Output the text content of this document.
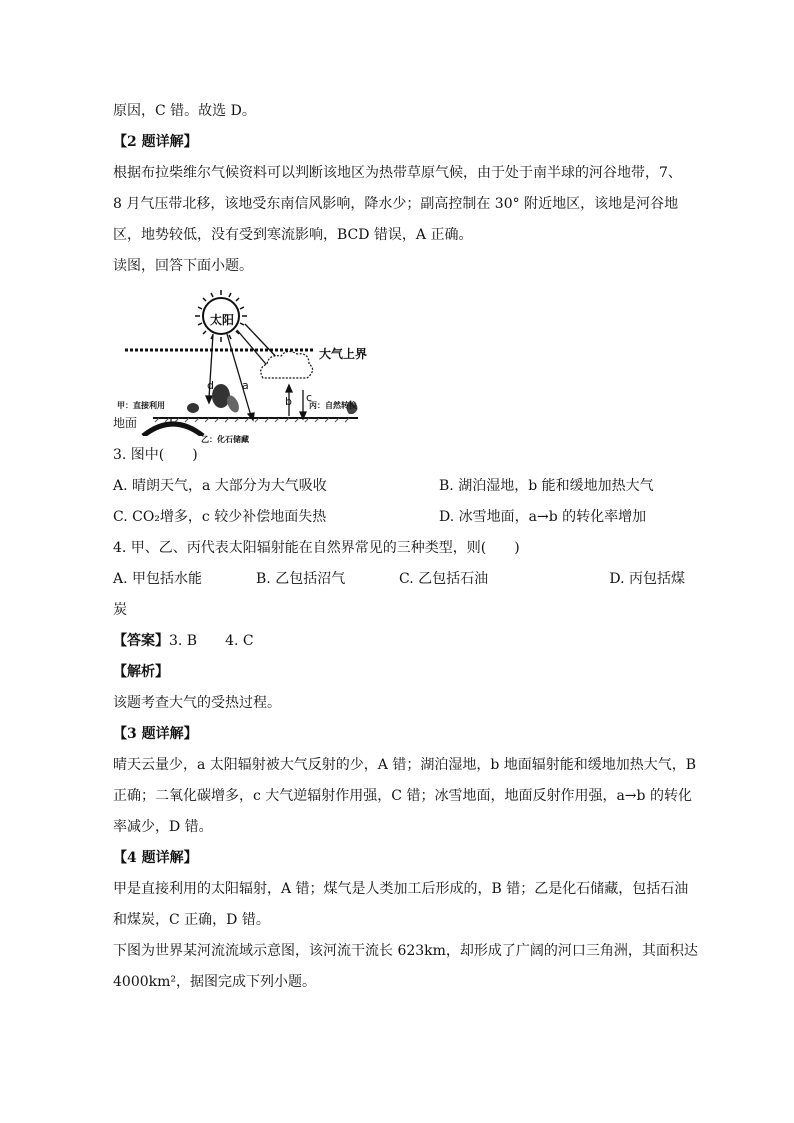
原因，C 错。故选 D。
【2 题详解】
根据布拉柴维尔气候资料可以判断该地区为热带草原气候，由于处于南半球的河谷地带，7、
8 月气压带北移，该地受东南信风影响，降水少；副高控制在 30° 附近地区，该地是河谷地
区，地势较低，没有受到寒流影响，BCD 错误，A 正确。
读图，回答下面小题。
太阳
大气上界
d	a
b c
甲：直接利用	丙：自然转换
地面
乙：化石储藏
3. 图中(　　)
A. 晴朗天气，a 大部分为大气吸收	B. 湖泊湿地，b 能和缓地加热大气
C. CO₂增多，c 较少补偿地面失热	D. 冰雪地面，a→b 的转化率增加
4. 甲、乙、丙代表太阳辐射能在自然界常见的三种类型，则(　　)
A. 甲包括水能	B. 乙包括沼气	C. 乙包括石油	D. 丙包括煤
炭
【答案】3. B　　4. C
【解析】
该题考查大气的受热过程。
【3 题详解】
晴天云量少，a 太阳辐射被大气反射的少，A 错；湖泊湿地，b 地面辐射能和缓地加热大气，B
正确；二氧化碳增多，c 大气逆辐射作用强，C 错；冰雪地面，地面反射作用强，a→b 的转化
率减少，D 错。
【4 题详解】
甲是直接利用的太阳辐射，A 错；煤气是人类加工后形成的，B 错；乙是化石储藏，包括石油
和煤炭，C 正确，D 错。
下图为世界某河流流域示意图，该河流干流长 623km，却形成了广阔的河口三角洲，其面积达
4000km²，据图完成下列小题。
